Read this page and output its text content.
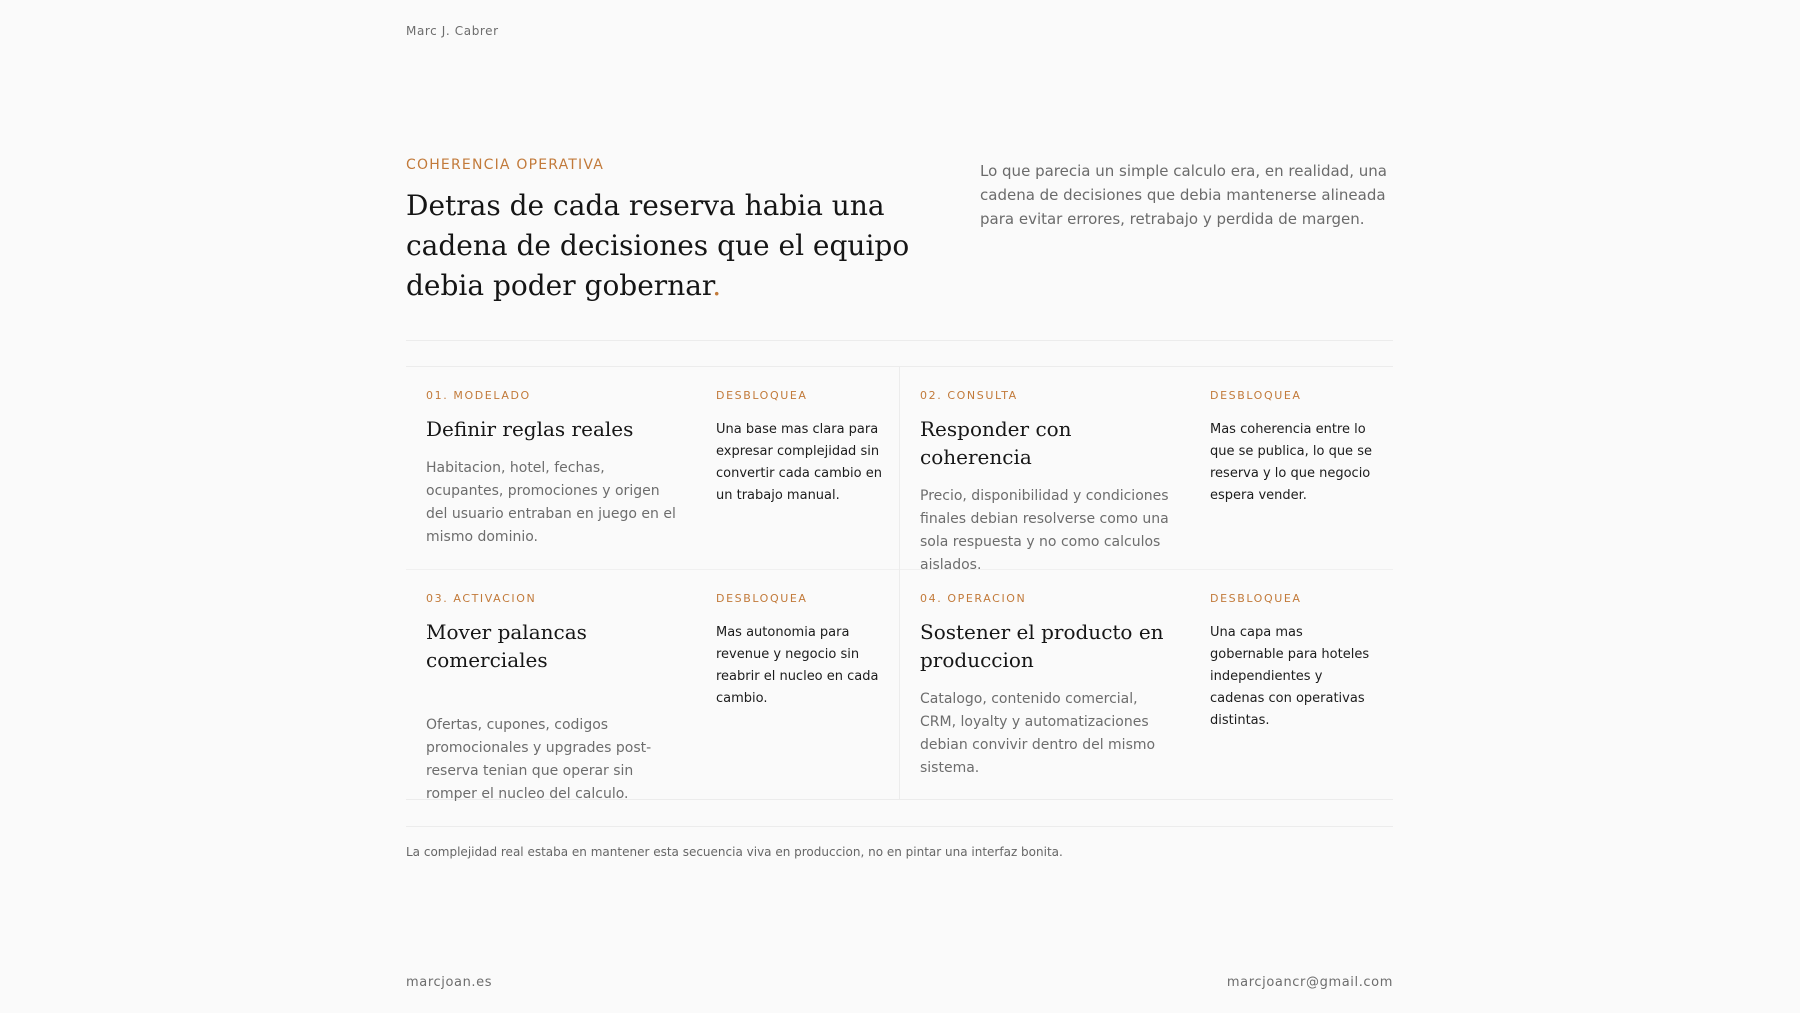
Marc J. Cabrer
COHERENCIA OPERATIVA
Detras de cada reserva habia una cadena de decisiones que el equipo debia poder gobernar.
Lo que parecia un simple calculo era, en realidad, una cadena de decisiones que debia mantenerse alineada para evitar errores, retrabajo y perdida de margen.
01. MODELADO
Definir reglas reales
Habitacion, hotel, fechas, ocupantes, promociones y origen del usuario entraban en juego en el mismo dominio.
DESBLOQUEA
Una base mas clara para expresar complejidad sin convertir cada cambio en un trabajo manual.
02. CONSULTA
Responder con coherencia
Precio, disponibilidad y condiciones finales debian resolverse como una sola respuesta y no como calculos aislados.
DESBLOQUEA
Mas coherencia entre lo que se publica, lo que se reserva y lo que negocio espera vender.
03. ACTIVACION
Mover palancas comerciales
Ofertas, cupones, codigos promocionales y upgrades post-reserva tenian que operar sin romper el nucleo del calculo.
DESBLOQUEA
Mas autonomia para revenue y negocio sin reabrir el nucleo en cada cambio.
04. OPERACION
Sostener el producto en produccion
Catalogo, contenido comercial, CRM, loyalty y automatizaciones debian convivir dentro del mismo sistema.
DESBLOQUEA
Una capa mas gobernable para hoteles independientes y cadenas con operativas distintas.
La complejidad real estaba en mantener esta secuencia viva en produccion, no en pintar una interfaz bonita.
marcjoan.es	marcjoancr@gmail.com
